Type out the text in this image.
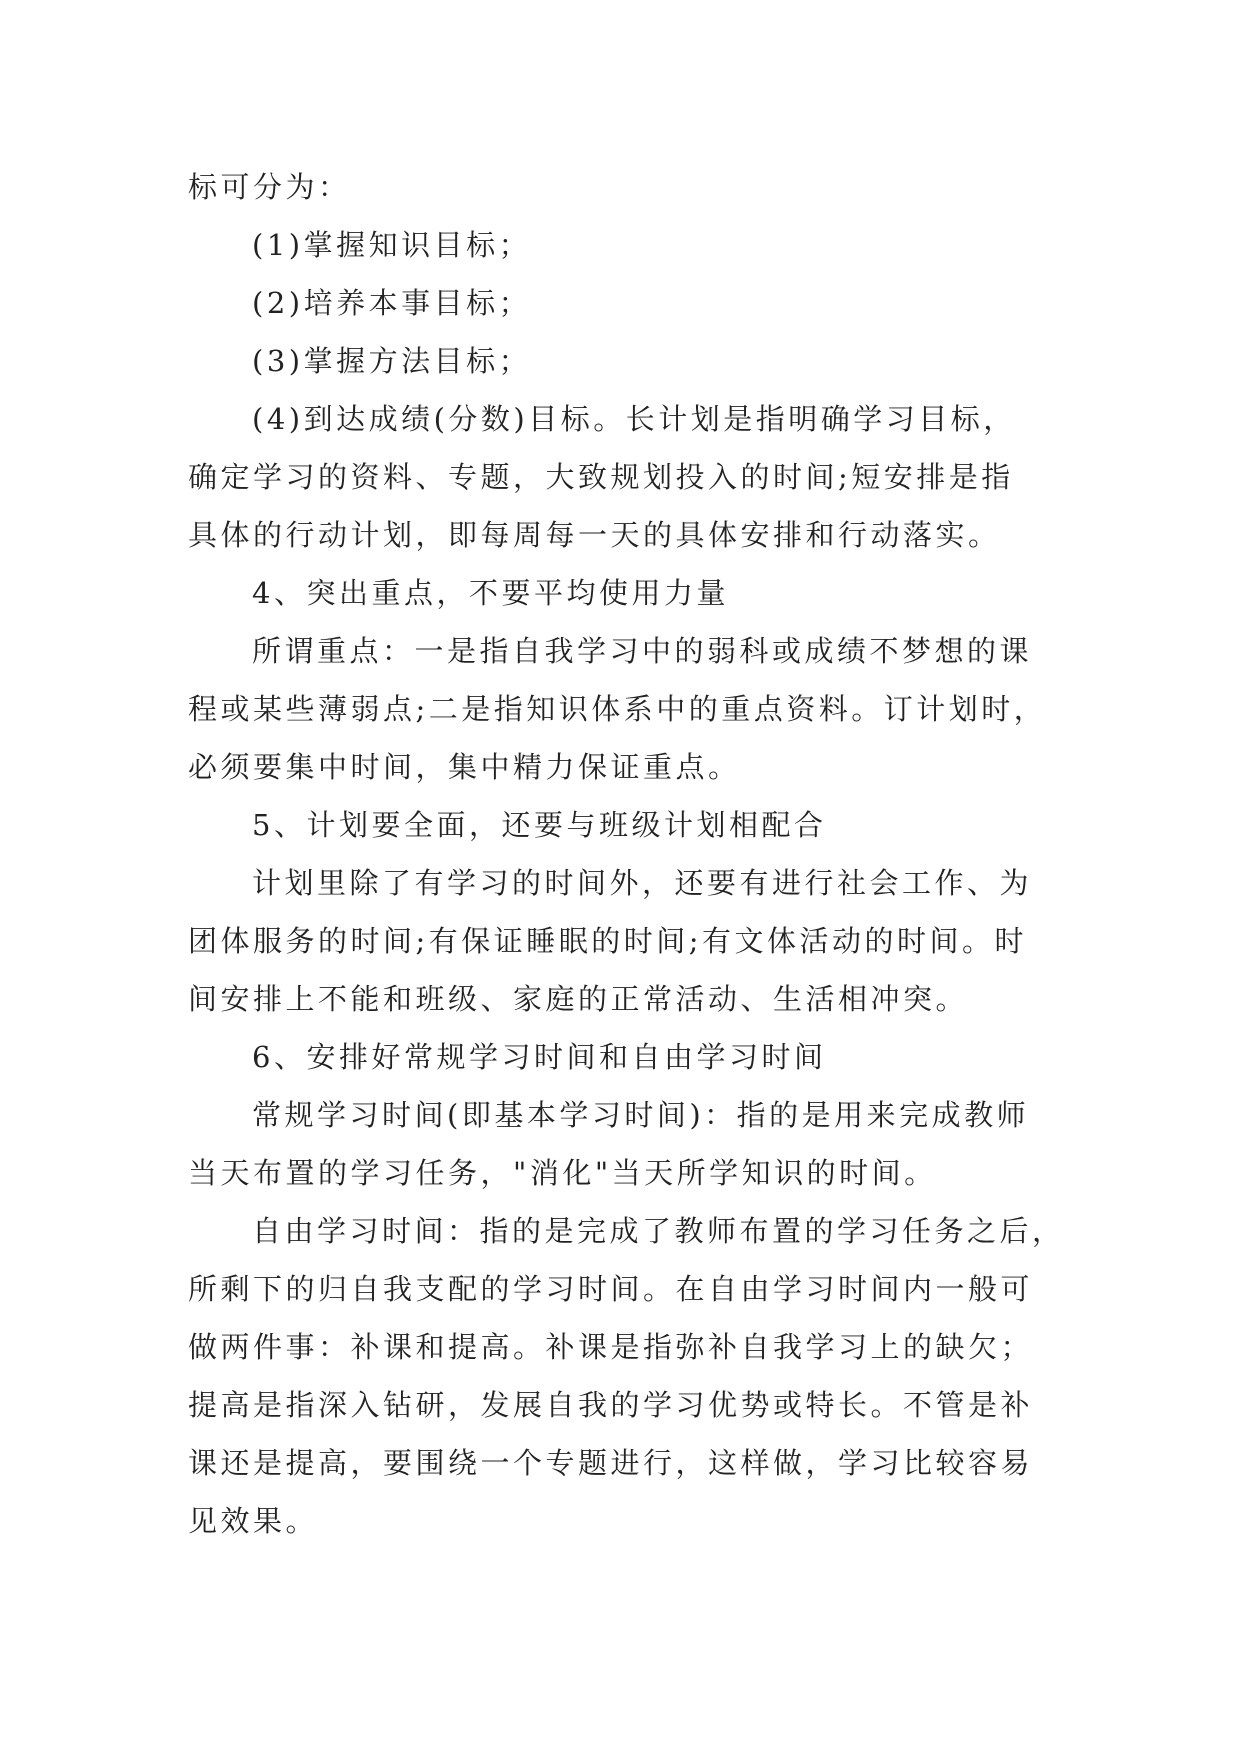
标可分为：
(1)掌握知识目标；
(2)培养本事目标；
(3)掌握方法目标；
(4)到达成绩(分数)目标。长计划是指明确学习目标，
确定学习的资料、专题，大致规划投入的时间;短安排是指
具体的行动计划，即每周每一天的具体安排和行动落实。
4、突出重点，不要平均使用力量
所谓重点：一是指自我学习中的弱科或成绩不梦想的课
程或某些薄弱点;二是指知识体系中的重点资料。订计划时，
必须要集中时间，集中精力保证重点。
5、计划要全面，还要与班级计划相配合
计划里除了有学习的时间外，还要有进行社会工作、为
团体服务的时间;有保证睡眠的时间;有文体活动的时间。时
间安排上不能和班级、家庭的正常活动、生活相冲突。
6、安排好常规学习时间和自由学习时间
常规学习时间(即基本学习时间)：指的是用来完成教师
当天布置的学习任务，"消化"当天所学知识的时间。
自由学习时间：指的是完成了教师布置的学习任务之后，
所剩下的归自我支配的学习时间。在自由学习时间内一般可
做两件事：补课和提高。补课是指弥补自我学习上的缺欠；
提高是指深入钻研，发展自我的学习优势或特长。不管是补
课还是提高，要围绕一个专题进行，这样做，学习比较容易
见效果。
